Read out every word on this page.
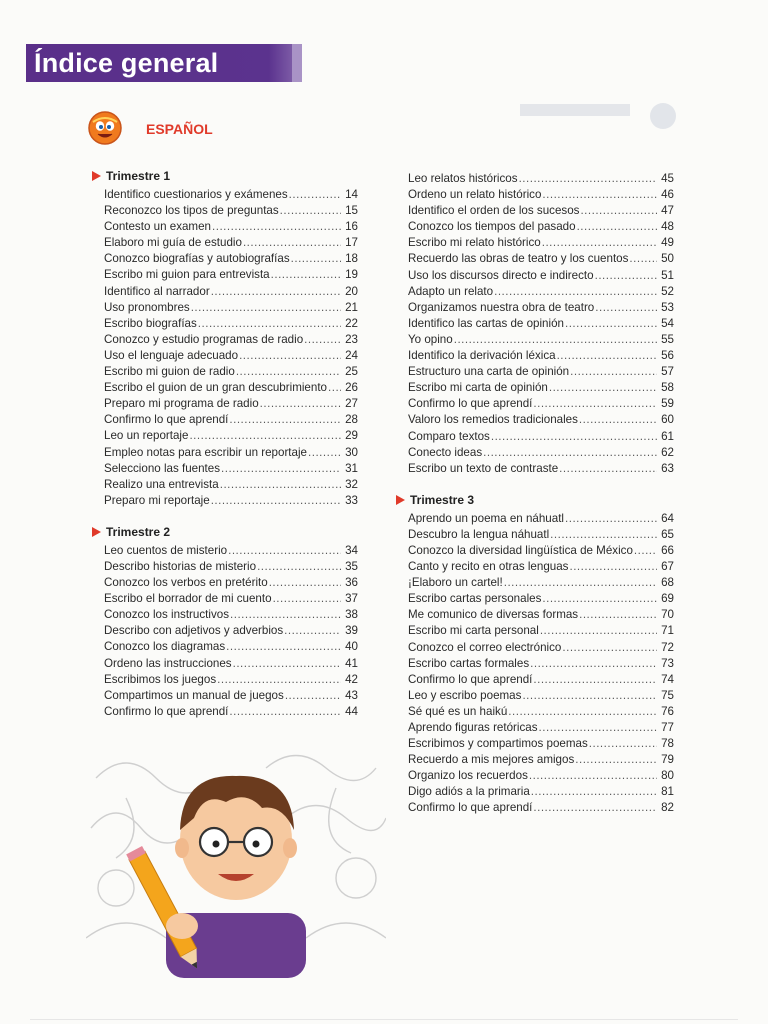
Índice general
ESPAÑOL
Trimestre 1
Identifico cuestionarios y exámenes .....	14
Reconozco los tipos de preguntas .....	15
Contesto un examen .....	16
Elaboro mi guía de estudio .....	17
Conozco biografías y autobiografías .....	18
Escribo mi guion para entrevista .....	19
Identifico al narrador .....	20
Uso pronombres .....	21
Escribo biografías .....	22
Conozco y estudio programas de radio .....	23
Uso el lenguaje adecuado .....	24
Escribo mi guion de radio .....	25
Escribo el guion de un gran descubrimiento ..... 26
Preparo mi programa de radio .....	27
Confirmo lo que aprendí .....	28
Leo un reportaje .....	29
Empleo notas para escribir un reportaje .....	30
Selecciono las fuentes .....	31
Realizo una entrevista .....	32
Preparo mi reportaje .....	33
Trimestre 2
Leo cuentos de misterio .....	34
Describo historias de misterio .....	35
Conozco los verbos en pretérito .....	36
Escribo el borrador de mi cuento .....	37
Conozco los instructivos .....	38
Describo con adjetivos y adverbios .....	39
Conozco los diagramas .....	40
Ordeno las instrucciones .....	41
Escribimos los juegos .....	42
Compartimos un manual de juegos .....	43
Confirmo lo que aprendí .....	44
Leo relatos históricos .....	45
Ordeno un relato histórico .....	46
Identifico el orden de los sucesos .....	47
Conozco los tiempos del pasado .....	48
Escribo mi relato histórico .....	49
Recuerdo las obras de teatro y los cuentos .....	50
Uso los discursos directo e indirecto .....	51
Adapto un relato .....	52
Organizamos nuestra obra de teatro .....	53
Identifico las cartas de opinión .....	54
Yo opino .....	55
Identifico la derivación léxica .....	56
Estructuro una carta de opinión .....	57
Escribo mi carta de opinión .....	58
Confirmo lo que aprendí .....	59
Valoro los remedios tradicionales .....	60
Comparo textos .....	61
Conecto ideas .....	62
Escribo un texto de contraste .....	63
Trimestre 3
Aprendo un poema en náhuatl .....	64
Descubro la lengua náhuatl .....	65
Conozco la diversidad lingüística de México ..... 66
Canto y recito en otras lenguas .....	67
¡Elaboro un cartel! .....	68
Escribo cartas personales .....	69
Me comunico de diversas formas .....	70
Escribo mi carta personal .....	71
Conozco el correo electrónico .....	72
Escribo cartas formales .....	73
Confirmo lo que aprendí .....	74
Leo y escribo poemas .....	75
Sé qué es un haikú .....	76
Aprendo figuras retóricas .....	77
Escribimos y compartimos poemas .....	78
Recuerdo a mis mejores amigos .....	79
Organizo los recuerdos .....	80
Digo adiós a la primaria .....	81
Confirmo lo que aprendí .....	82
